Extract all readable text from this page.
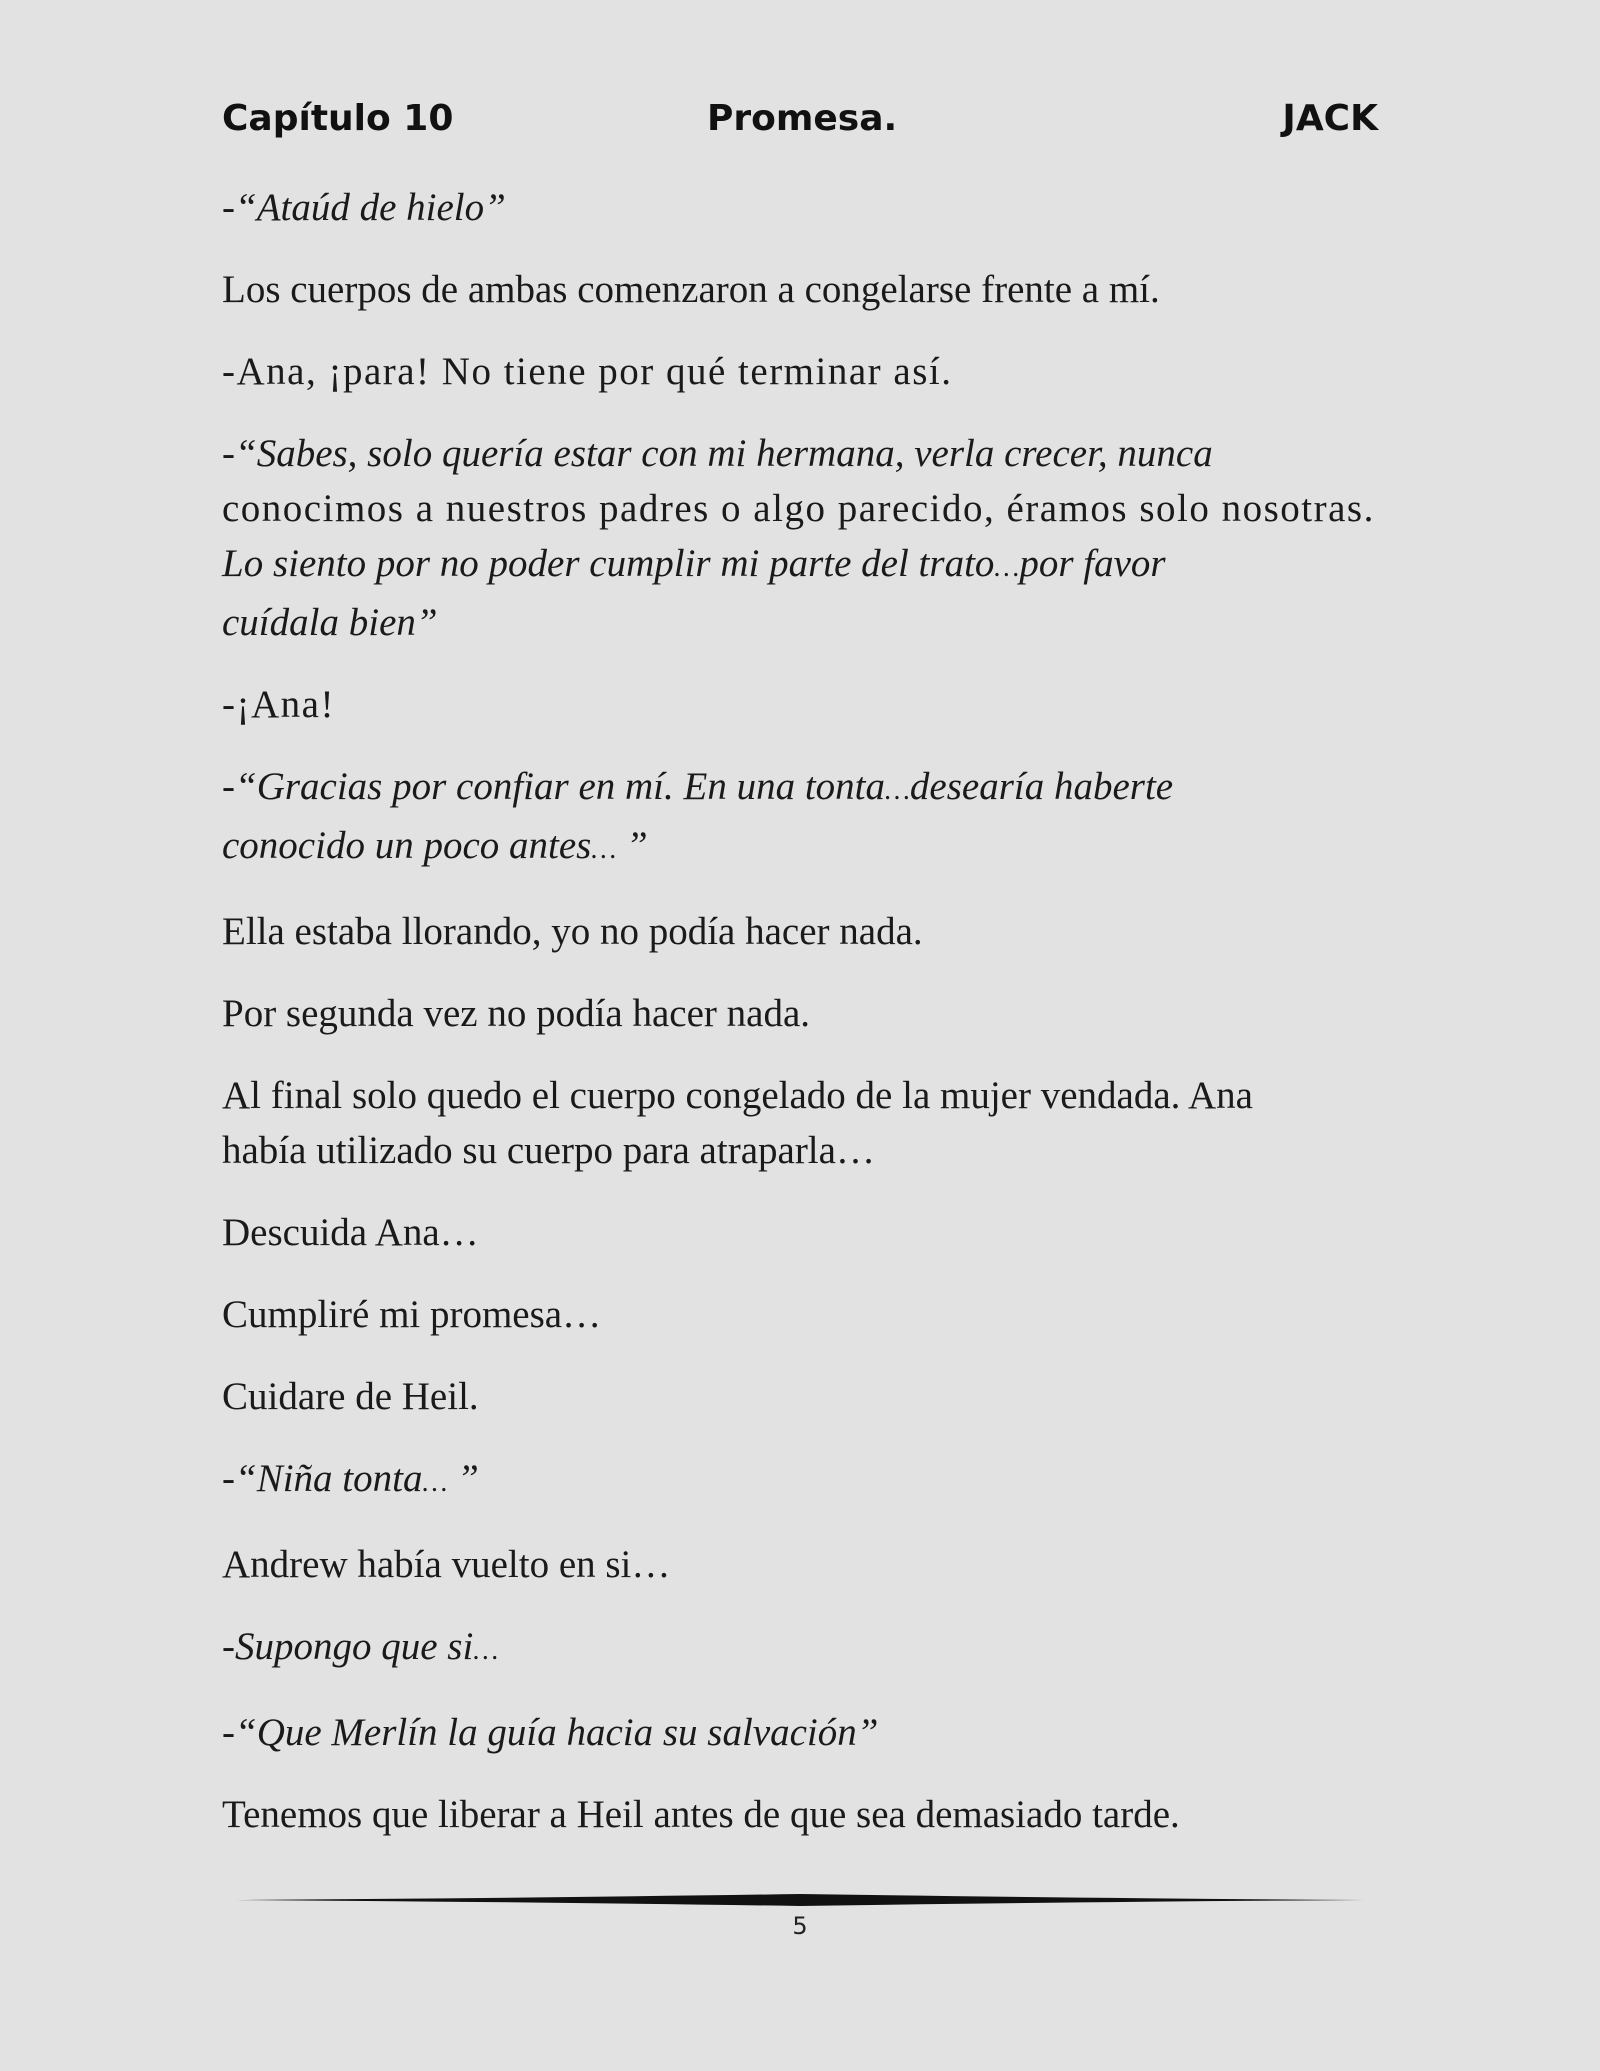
Capítulo 10	Promesa.	JACK

-“Ataúd de hielo”

Los cuerpos de ambas comenzaron a congelarse frente a mí.

-Ana, ¡para! No tiene por qué terminar así.

-“Sabes, solo quería estar con mi hermana, verla crecer, nunca
conocimos a nuestros padres o algo parecido, éramos solo nosotras.
Lo siento por no poder cumplir mi parte del trato…por favor
cuídala bien”

-¡Ana!

-“Gracias por confiar en mí. En una tonta…desearía haberte
conocido un poco antes… ”

Ella estaba llorando, yo no podía hacer nada.

Por segunda vez no podía hacer nada.

Al final solo quedo el cuerpo congelado de la mujer vendada. Ana
había utilizado su cuerpo para atraparla…

Descuida Ana…

Cumpliré mi promesa…

Cuidare de Heil.

-“Niña tonta… ”

Andrew había vuelto en si…

-Supongo que si…

-“Que Merlín la guía hacia su salvación”

Tenemos que liberar a Heil antes de que sea demasiado tarde.

5
